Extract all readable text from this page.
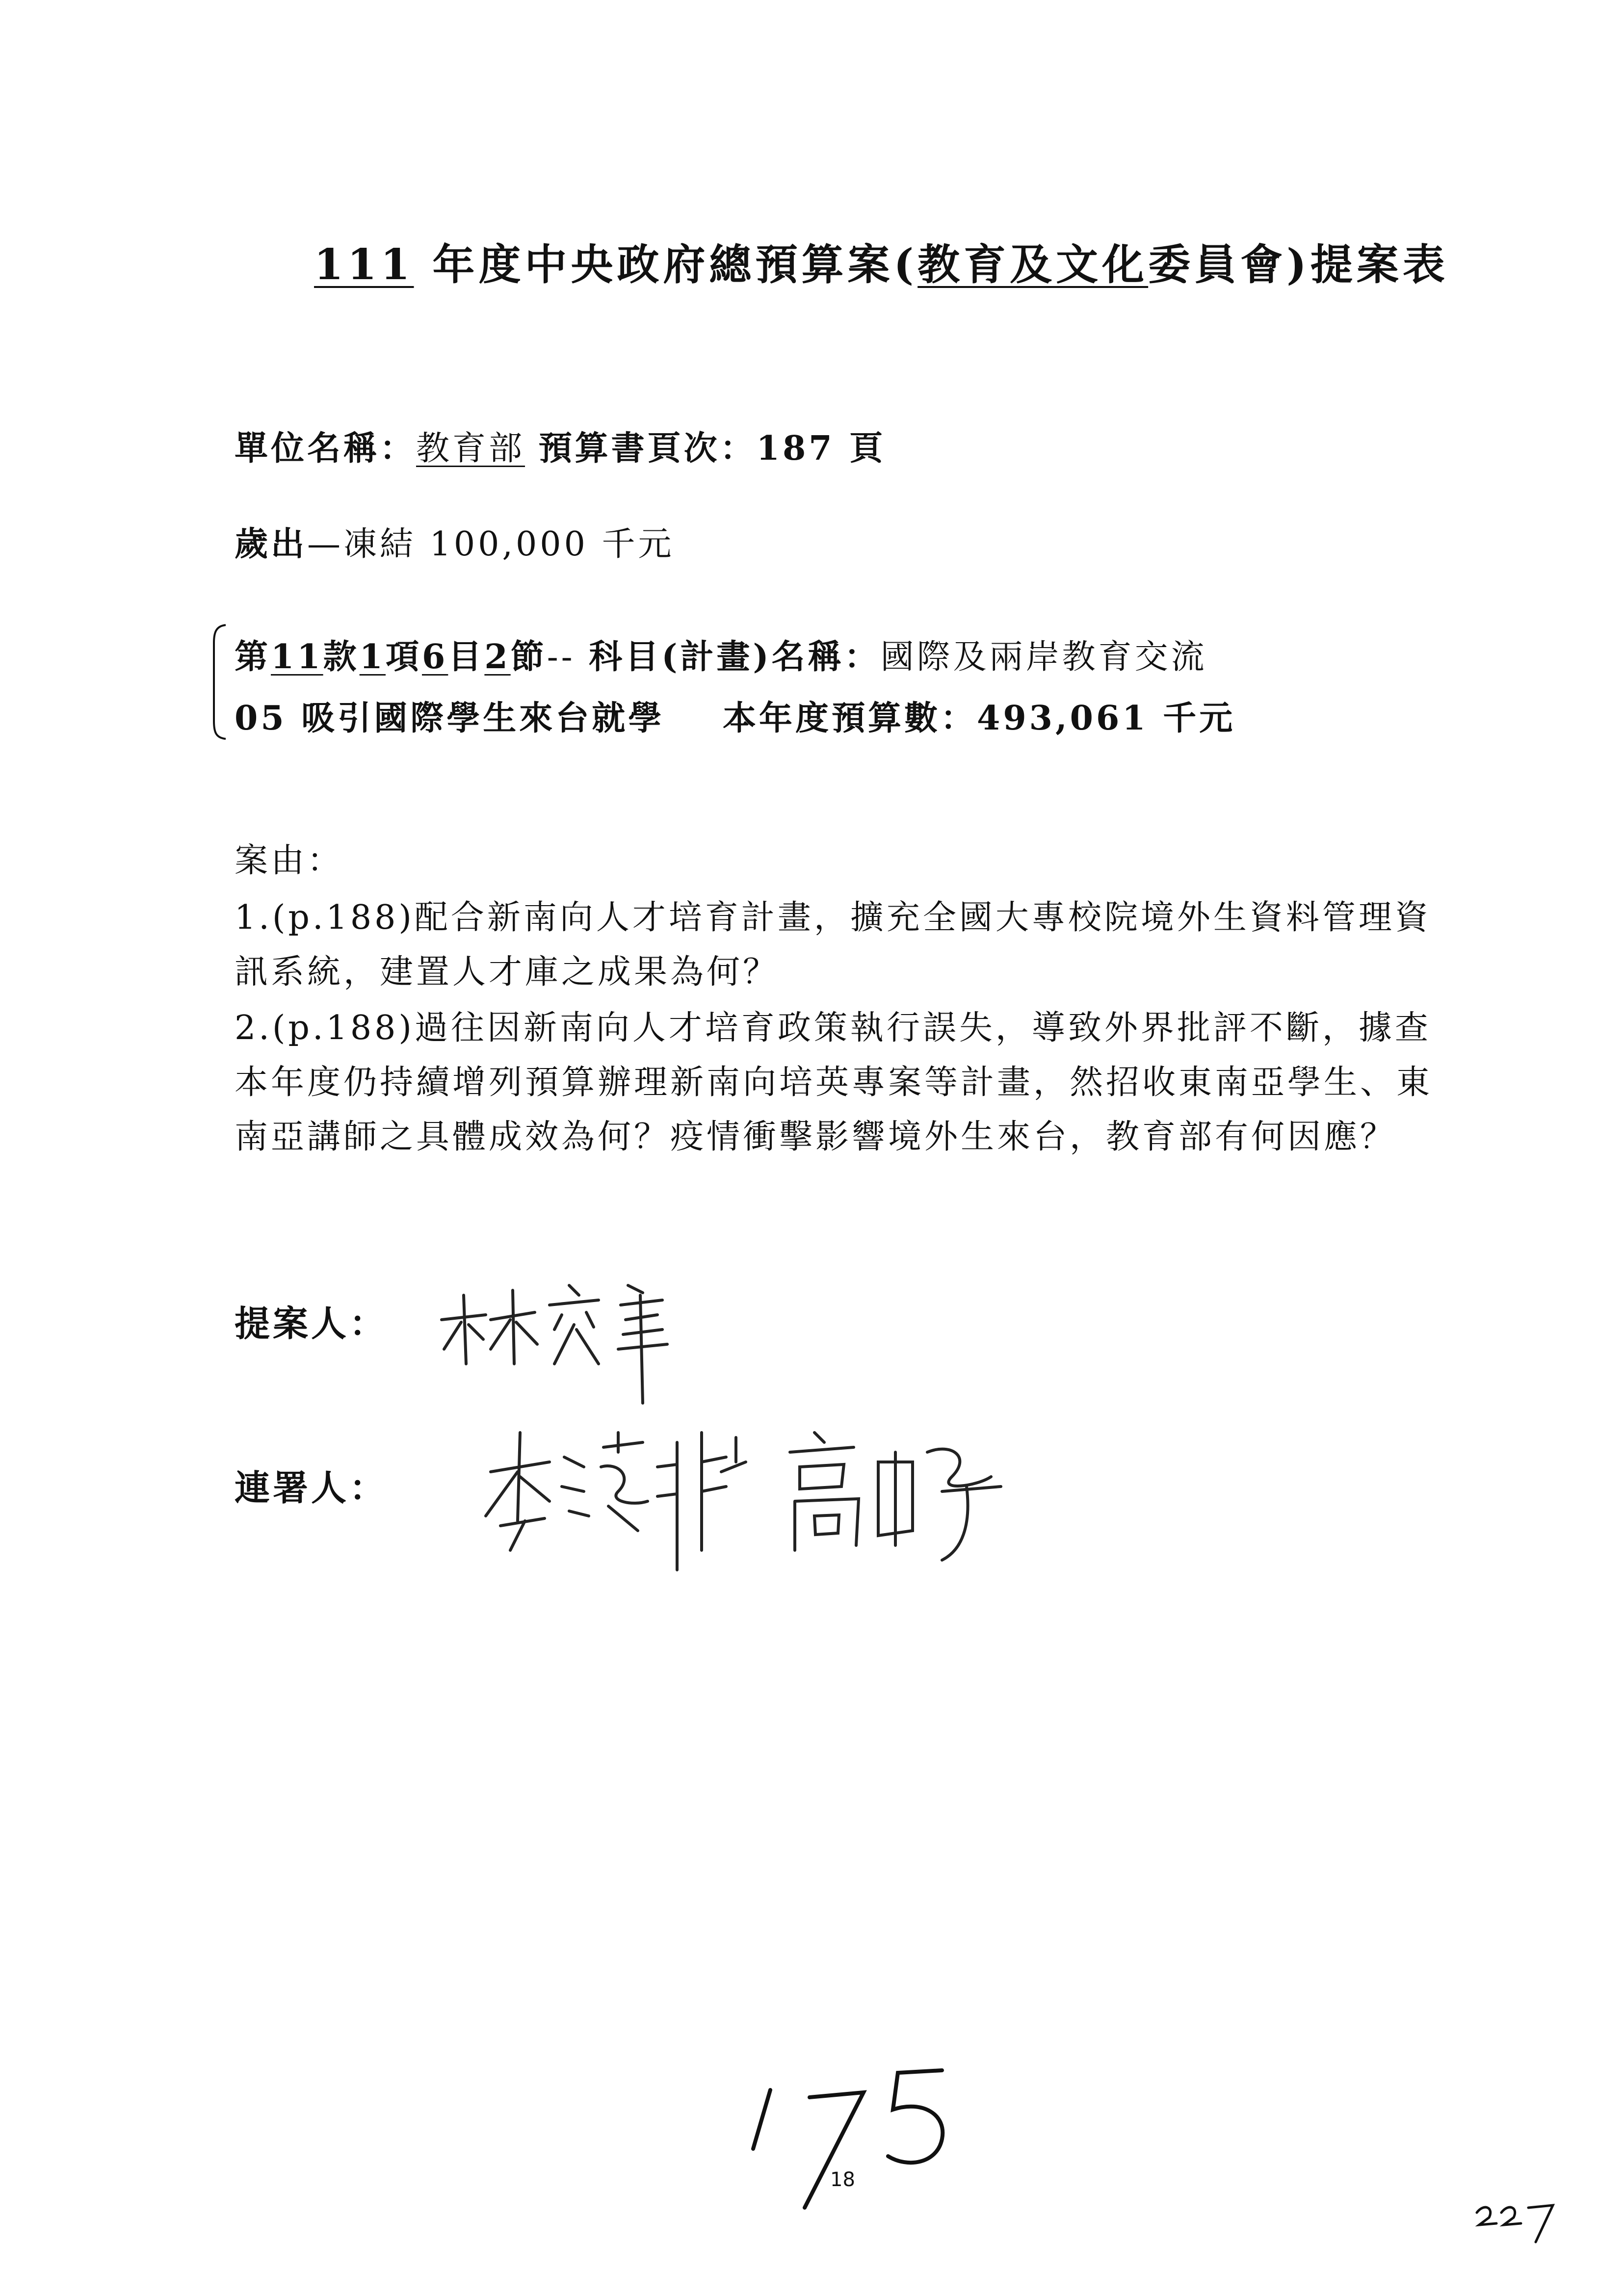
111 年度中央政府總預算案(教育及文化委員會)提案表
單位名稱：教育部 預算書頁次：187 頁
歲出—凍結 100,000 千元
第11款1項6目2節-- 科目(計畫)名稱：國際及兩岸教育交流
05 吸引國際學生來台就學 本年度預算數：493,061 千元
案由：
1.(p.188)配合新南向人才培育計畫，擴充全國大專校院境外生資料管理資訊系統，建置人才庫之成果為何？
2.(p.188)過往因新南向人才培育政策執行誤失，導致外界批評不斷，據查本年度仍持續增列預算辦理新南向培英專案等計畫，然招收東南亞學生、東南亞講師之具體成效為何？疫情衝擊影響境外生來台，教育部有何因應？
提案人：
連署人：
18
